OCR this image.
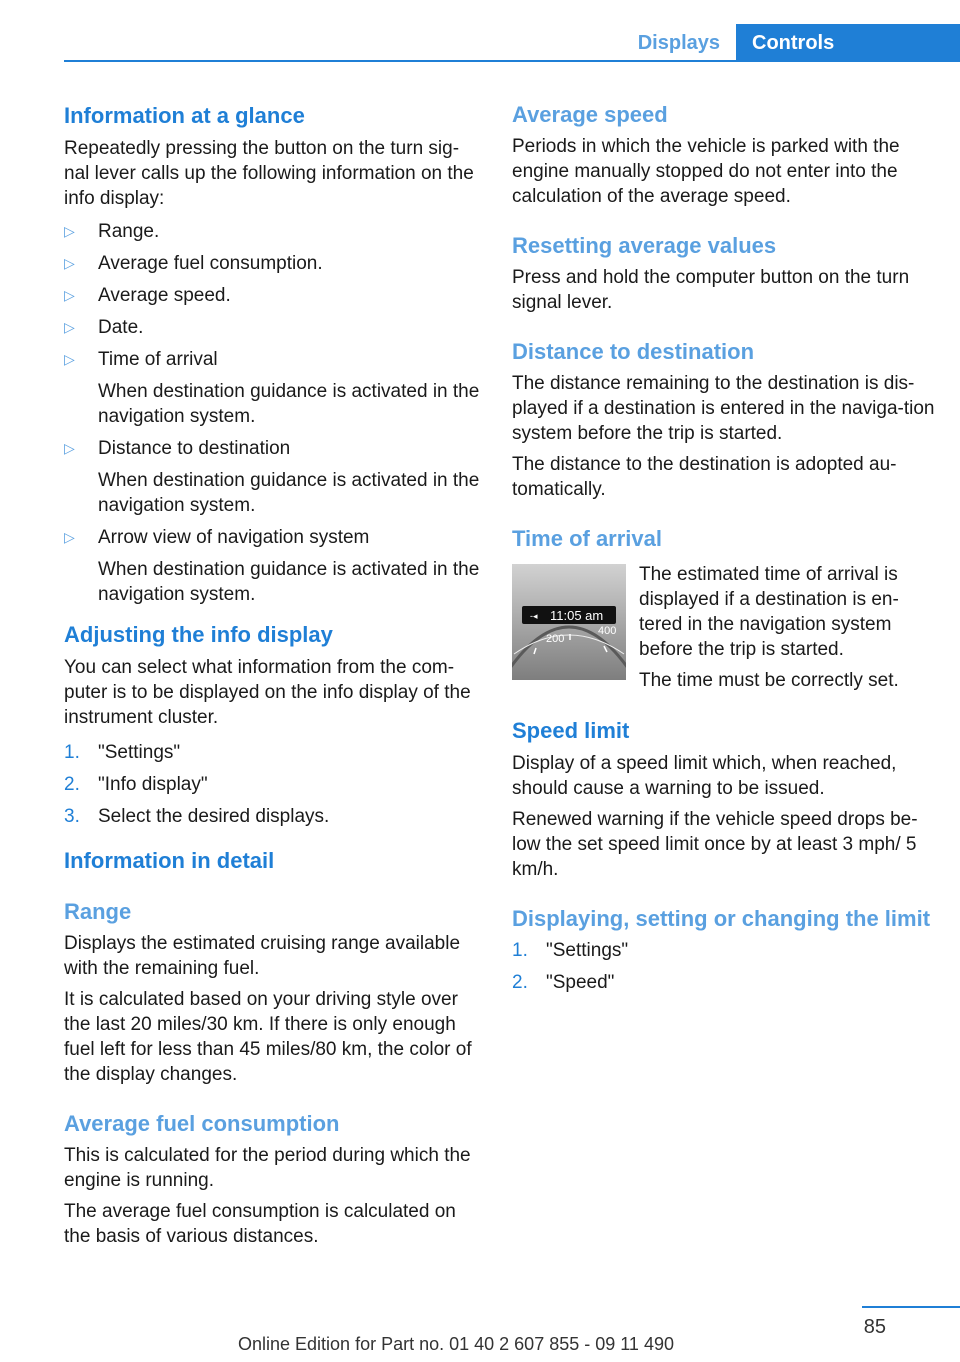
Displays	Controls
Information at a glance

Repeatedly pressing the button on the turn sig-nal lever calls up the following information on the info display:

▷ Range.
▷ Average fuel consumption.
▷ Average speed.
▷ Date.
▷ Time of arrival
When destination guidance is activated in the navigation system.
▷ Distance to destination
When destination guidance is activated in the navigation system.
▷ Arrow view of navigation system
When destination guidance is activated in the navigation system.
Adjusting the info display

You can select what information from the com-puter is to be displayed on the info display of the instrument cluster.

1. "Settings"
2. "Info display"
3. Select the desired displays.
Information in detail
Range

Displays the estimated cruising range available with the remaining fuel.

It is calculated based on your driving style over the last 20 miles/30 km. If there is only enough fuel left for less than 45 miles/80 km, the color of the display changes.

Average fuel consumption

This is calculated for the period during which the engine is running.

The average fuel consumption is calculated on the basis of various distances.

Average speed

Periods in which the vehicle is parked with the engine manually stopped do not enter into the calculation of the average speed.

Resetting average values

Press and hold the computer button on the turn signal lever.

Distance to destination

The distance remaining to the destination is dis-played if a destination is entered in the naviga-tion system before the trip is started.

The distance to the destination is adopted au-tomatically.

Time of arrival
-◂ 11:05 am
200
400

The estimated time of arrival is displayed if a destination is en-tered in the navigation system before the trip is started.

The time must be correctly set.

Speed limit

Display of a speed limit which, when reached, should cause a warning to be issued.

Renewed warning if the vehicle speed drops be-low the set speed limit once by at least 3 mph/ 5 km/h.

Displaying, setting or changing the limit
1. "Settings"
2. "Speed"
85
Online Edition for Part no. 01 40 2 607 855 - 09 11 490
